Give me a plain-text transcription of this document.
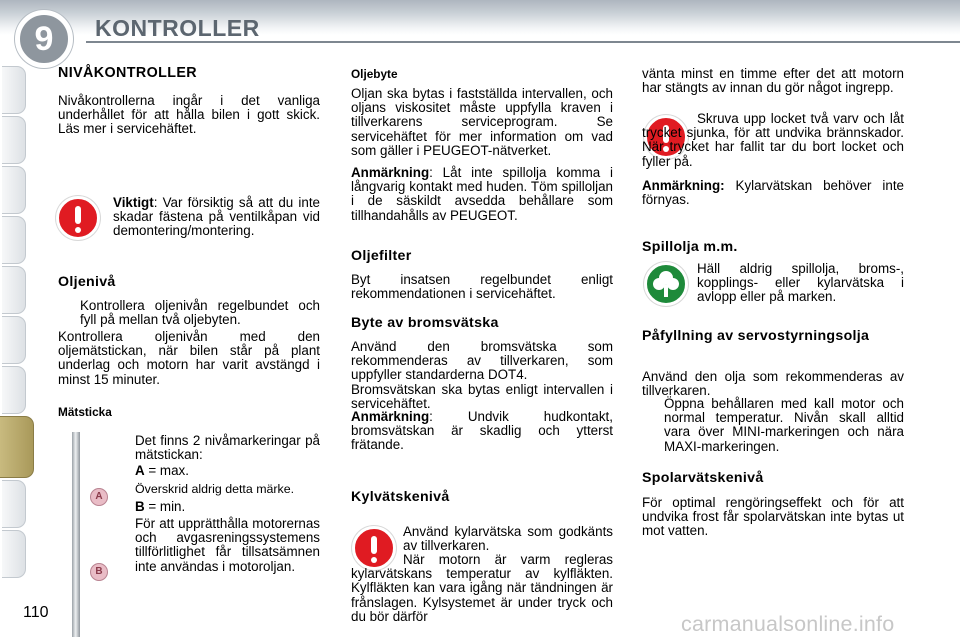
9	KONTROLLER
NIVÅKONTROLLER

Nivåkontrollerna ingår i det vanliga underhållet för att hålla bilen i gott skick. Läs mer i servicehäftet.

Viktigt: Var försiktig så att du inte skadar fästena på ventilkåpan vid demontering/montering.

Oljenivå

Kontrollera oljenivån regelbundet och fyll på mellan två oljebyten.

Kontrollera oljenivån med den oljemätstickan, när bilen står på plant underlag och motorn har varit avstängd i minst 15 minuter.

Mätsticka

Det finns 2 nivåmarkeringar på mätstickan:

A = max.

Överskrid aldrig detta märke.

B = min.

För att upprätthålla motorernas och avgasreningssystemens tillförlitlighet får tillsatsämnen inte användas i motoroljan.

A
B
Oljebyte

Oljan ska bytas i fastställda intervallen, och oljans viskositet måste uppfylla kraven i tillverkarens serviceprogram. Se servicehäftet för mer information om vad som gäller i PEUGEOT-nätverket.

Anmärkning: Låt inte spillolja komma i långvarig kontakt med huden. Töm spilloljan i de säskildt avsedda behållare som tillhandahålls av PEUGEOT.

Oljefilter

Byt insatsen regelbundet enligt rekommendationen i servicehäftet.

Byte av bromsvätska

Använd den bromsvätska som rekommenderas av tillverkaren, som uppfyller standarderna DOT4.

Bromsvätskan ska bytas enligt intervallen i servicehäftet.

Anmärkning: Undvik hudkontakt, bromsvätskan är skadlig och ytterst frätande.

Kylvätskenivå

Använd kylarvätska som godkänts av tillverkaren.

När motorn är varm regleras kylarvätskans temperatur av kylfläkten. Kylfläkten kan vara igång när tändningen är frånslagen. Kylsystemet är under tryck och du bör därför

vänta minst en timme efter det att motorn har stängts av innan du gör något ingrepp.

Skruva upp locket två varv och låt trycket sjunka, för att undvika brännskador. När trycket har fallit tar du bort locket och fyller på.

Anmärkning: Kylarvätskan behöver inte förnyas.

Spillolja m.m.

Häll aldrig spillolja, broms-, kopplings- eller kylarvätska i avlopp eller på marken.

Påfyllning av servostyrningsolja

Använd den olja som rekommenderas av tillverkaren.

Öppna behållaren med kall motor och normal temperatur. Nivån skall alltid vara över MINI-markeringen och nära MAXI-markeringen.

Spolarvätskenivå

För optimal rengöringseffekt och för att undvika frost får spolarvätskan inte bytas ut mot vatten.

110	carmanualsonline.info
